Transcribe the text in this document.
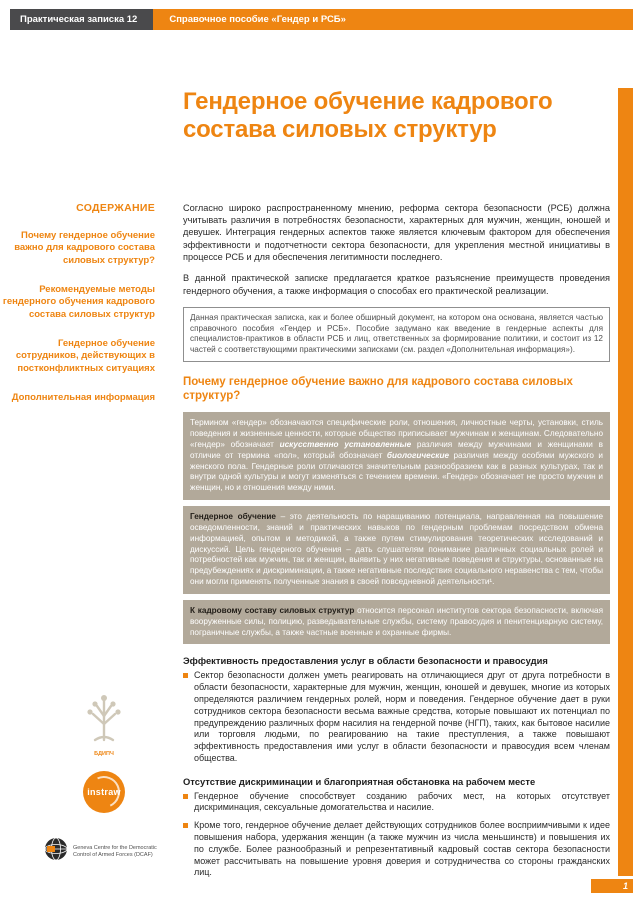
Практическая записка 12	Справочное пособие «Гендер и РСБ»
1
СОДЕРЖАНИЕ
Почему гендерное обучение важно для кадрового состава силовых структур?
Рекомендуемые методы гендерного обучения кадрового состава силовых структур
Гендерное обучение сотрудников, действующих в постконфликтных ситуациях
Дополнительная информация
БДИПЧ
instraw
Geneva Centre for the Democratic Control of Armed Forces (DCAF)
Гендерное обучение кадрового состава силовых структур

Согласно широко распространенному мнению, реформа сектора безопасности (РСБ) должна учитывать различия в потребностях безопасности, характерных для мужчин, женщин, юношей и девушек. Интеграция гендерных аспектов также является ключевым фактором для обеспечения эффективности и подотчетности сектора безопасности, для укрепления местной инициативы в процессе РСБ и для обеспечения легитимности последнего.

В данной практической записке предлагается краткое разъяснение преимуществ проведения гендерного обучения, а также информация о способах его практической реализации.

Данная практическая записка, как и более обширный документ, на котором она основана, является частью справочного пособия «Гендер и РСБ». Пособие задумано как введение в гендерные аспекты для специалистов-практиков в области РСБ и лиц, ответственных за формирование политики, и состоит из 12 частей с соответствующими практическими записками (см. раздел «Дополнительная информация»).
Почему гендерное обучение важно для кадрового состава силовых структур?
Термином «гендер» обозначаются специфические роли, отношения, личностные черты, установки, стиль поведения и жизненные ценности, которые общество приписывает мужчинам и женщинам. Следовательно «гендер» обозначает искусственно установленные различия между мужчинами и женщинами в отличие от термина «пол», который обозначает биологические различия между особями мужского и женского пола. Гендерные роли отличаются значительным разнообразием как в разных культурах, так и внутри одной культуры и могут изменяться с течением времени. «Гендер» обозначает не просто мужчин и женщин, но и отношения между ними.
Гендерное обучение – это деятельность по наращиванию потенциала, направленная на повышение осведомленности, знаний и практических навыков по гендерным проблемам посредством обмена информацией, опытом и методикой, а также путем стимулирования теоретических исследований и дискуссий. Цель гендерного обучения – дать слушателям понимание различных социальных ролей и потребностей как мужчин, так и женщин, выявить у них негативные поведения и структуры, основанные на предубеждениях и дискриминации, а также негативные последствия социального неравенства с тем, чтобы они могли применять полученные знания в своей повседневной деятельности¹.
К кадровому составу силовых структур относится персонал институтов сектора безопасности, включая вооруженные силы, полицию, разведывательные службы, систему правосудия и пенитенциарную систему, пограничные службы, а также частные военные и охранные фирмы.
Эффективность предоставления услуг в области безопасности и правосудия
Сектор безопасности должен уметь реагировать на отличающиеся друг от друга потребности в области безопасности, характерные для мужчин, женщин, юношей и девушек, многие из которых определяются различием гендерных ролей, норм и поведения. Гендерное обучение дает в руки сотрудников сектора безопасности весьма важные средства, которые повышают их потенциал по предупреждению различных форм насилия на гендерной почве (НГП), таких, как бытовое насилие или торговля людьми, по реагированию на такие преступления, а также повышают эффективность предоставления ими услуг в области безопасности и правосудия всем членам общества.
Отсутствие дискриминации и благоприятная обстановка на рабочем месте
Гендерное обучение способствует созданию рабочих мест, на которых отсутствует дискриминация, сексуальные домогательства и насилие.
Кроме того, гендерное обучение делает действующих сотрудников более восприимчивыми к идее повышения набора, удержания женщин (а также мужчин из числа меньшинств) и повышения их по службе. Более разнообразный и репрезентативный кадровый состав сектора безопасности может рассчитывать на повышение уровня доверия и сотрудничества со стороны гражданских лиц.
